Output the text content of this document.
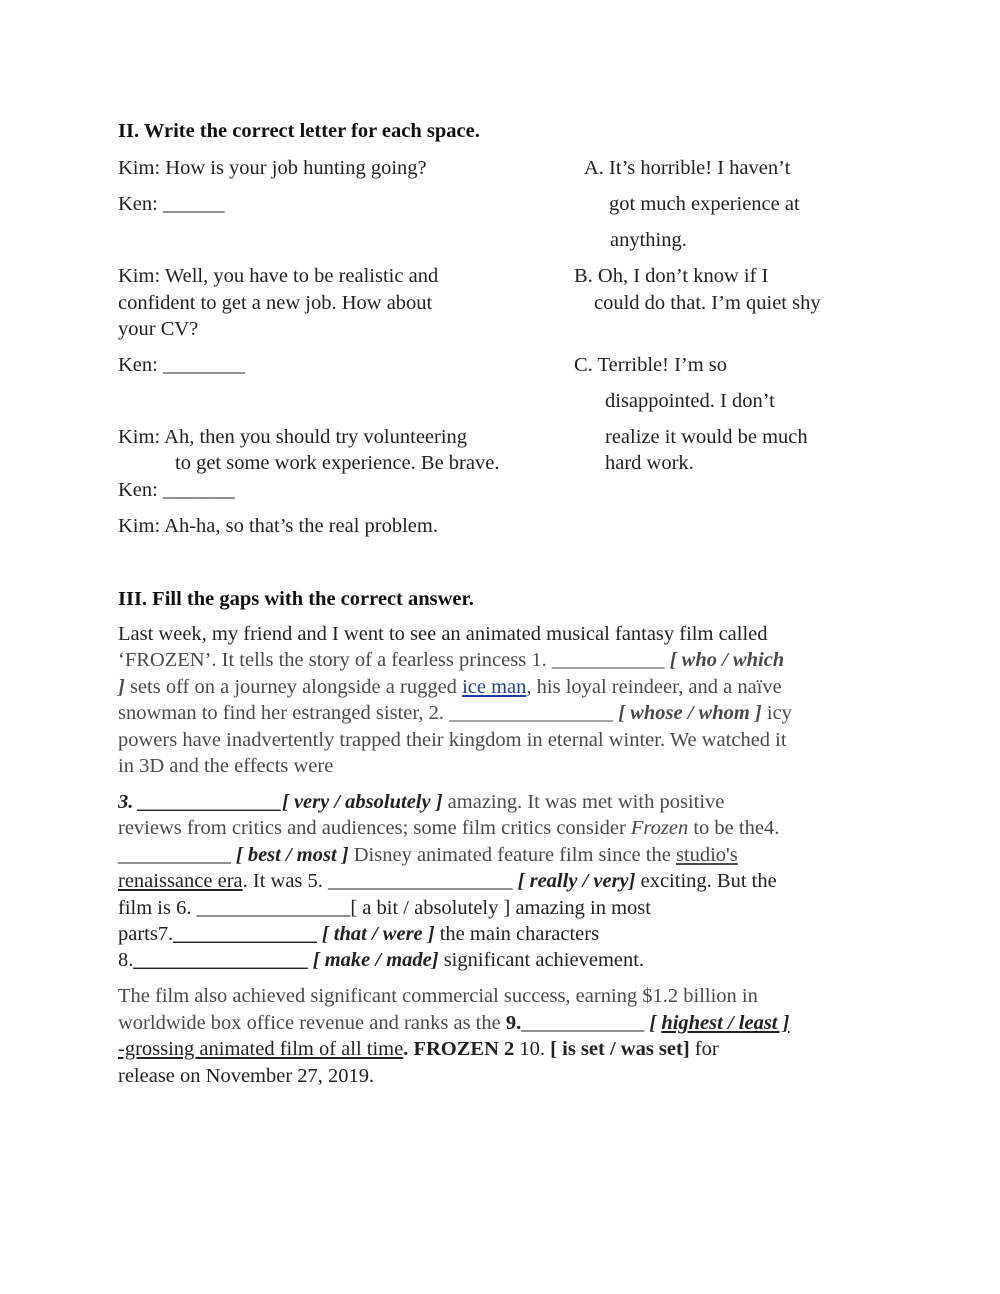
II. Write the correct letter for each space.
Kim: How is your job hunting going?
Ken: ______
Kim: Well, you have to be realistic and
confident to get a new job. How about
your CV?
Ken: ________
Kim: Ah, then you should try volunteering
to get some work experience. Be brave.
Ken: _______
Kim: Ah-ha, so that’s the real problem.
A. It’s horrible! I haven’t
got much experience at
anything.
B. Oh, I don’t know if I
could do that. I’m quiet shy
C. Terrible! I’m so
disappointed. I don’t
realize it would be much
hard work.
III. Fill the gaps with the correct answer.
Last week, my friend and I went to see an animated musical fantasy film called
‘FROZEN’. It tells the story of a fearless princess 1. ___________ [ who / which
] sets off on a journey alongside a rugged ice man, his loyal reindeer, and a naïve
snowman to find her estranged sister, 2. ________________ [ whose / whom ] icy
powers have inadvertently trapped their kingdom in eternal winter. We watched it
in 3D and the effects were
3. ______________[ very / absolutely ] amazing. It was met with positive
reviews from critics and audiences; some film critics consider Frozen to be the4.
___________ [ best / most ] Disney animated feature film since the studio's
renaissance era. It was 5. __________________ [ really / very] exciting. But the
film is 6. _______________[ a bit / absolutely ] amazing in most
parts7.______________ [ that / were ] the main characters
8._________________ [ make / made] significant achievement.
The film also achieved significant commercial success, earning $1.2 billion in
worldwide box office revenue and ranks as the 9.____________ [ highest / least ]
-grossing animated film of all time. FROZEN 2 10. [ is set / was set] for
release on November 27, 2019.
